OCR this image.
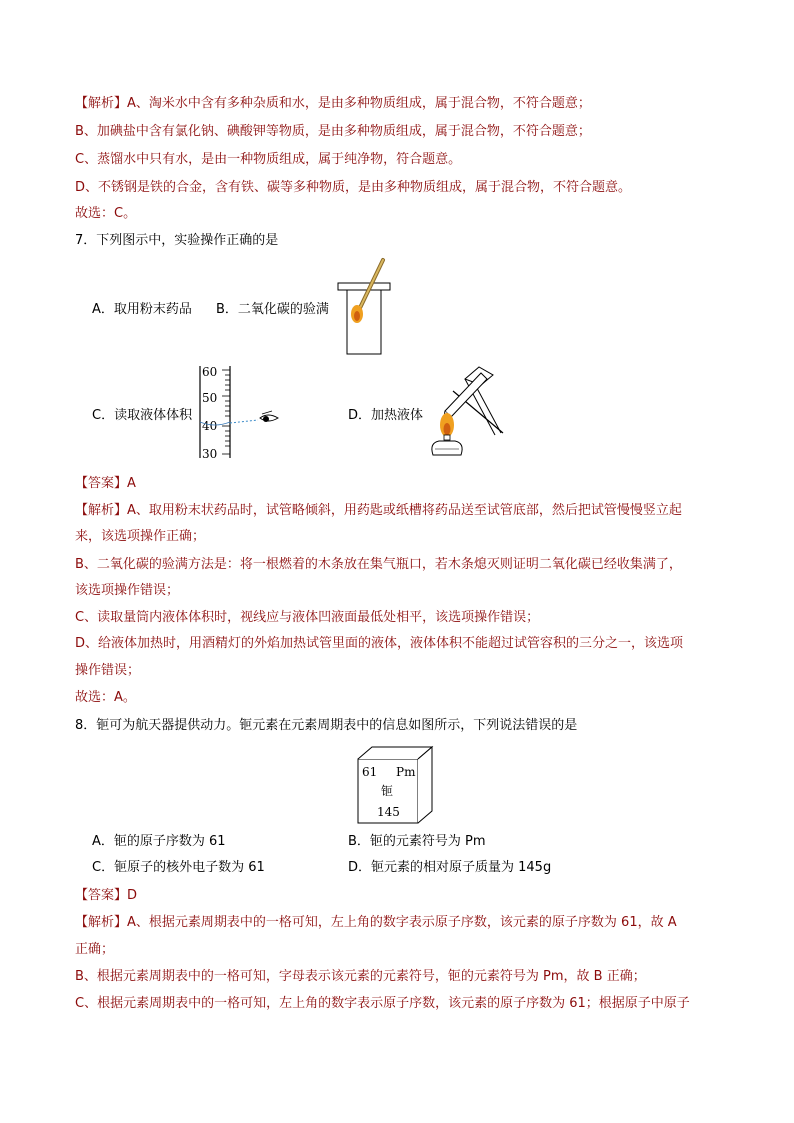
【解析】A、淘米水中含有多种杂质和水，是由多种物质组成，属于混合物，不符合题意；
B、加碘盐中含有氯化钠、碘酸钾等物质，是由多种物质组成，属于混合物，不符合题意；
C、蒸馏水中只有水，是由一种物质组成，属于纯净物，符合题意。
D、不锈钢是铁的合金，含有铁、碳等多种物质，是由多种物质组成，属于混合物，不符合题意。
故选：C。
7．下列图示中，实验操作正确的是
A．取用粉末药品 B．二氧化碳的验满
C．读取液体体积
60
50
40
30
D．加热液体
【答案】A
【解析】A、取用粉末状药品时，试管略倾斜，用药匙或纸槽将药品送至试管底部，然后把试管慢慢竖立起
来，该选项操作正确；
B、二氧化碳的验满方法是：将一根燃着的木条放在集气瓶口，若木条熄灭则证明二氧化碳已经收集满了，
该选项操作错误；
C、读取量筒内液体体积时，视线应与液体凹液面最低处相平，该选项操作错误；
D、给液体加热时，用酒精灯的外焰加热试管里面的液体，液体体积不能超过试管容积的三分之一，该选项
操作错误；
故选：A。
8．钷可为航天器提供动力。钷元素在元素周期表中的信息如图所示，下列说法错误的是
61 Pm
钷
145
A．钷的原子序数为 61	B．钷的元素符号为 Pm
C．钷原子的核外电子数为 61	D．钷元素的相对原子质量为 145g
【答案】D
【解析】A、根据元素周期表中的一格可知，左上角的数字表示原子序数，该元素的原子序数为 61，故 A
正确；
B、根据元素周期表中的一格可知，字母表示该元素的元素符号，钷的元素符号为 Pm，故 B 正确；
C、根据元素周期表中的一格可知，左上角的数字表示原子序数，该元素的原子序数为 61；根据原子中原子
